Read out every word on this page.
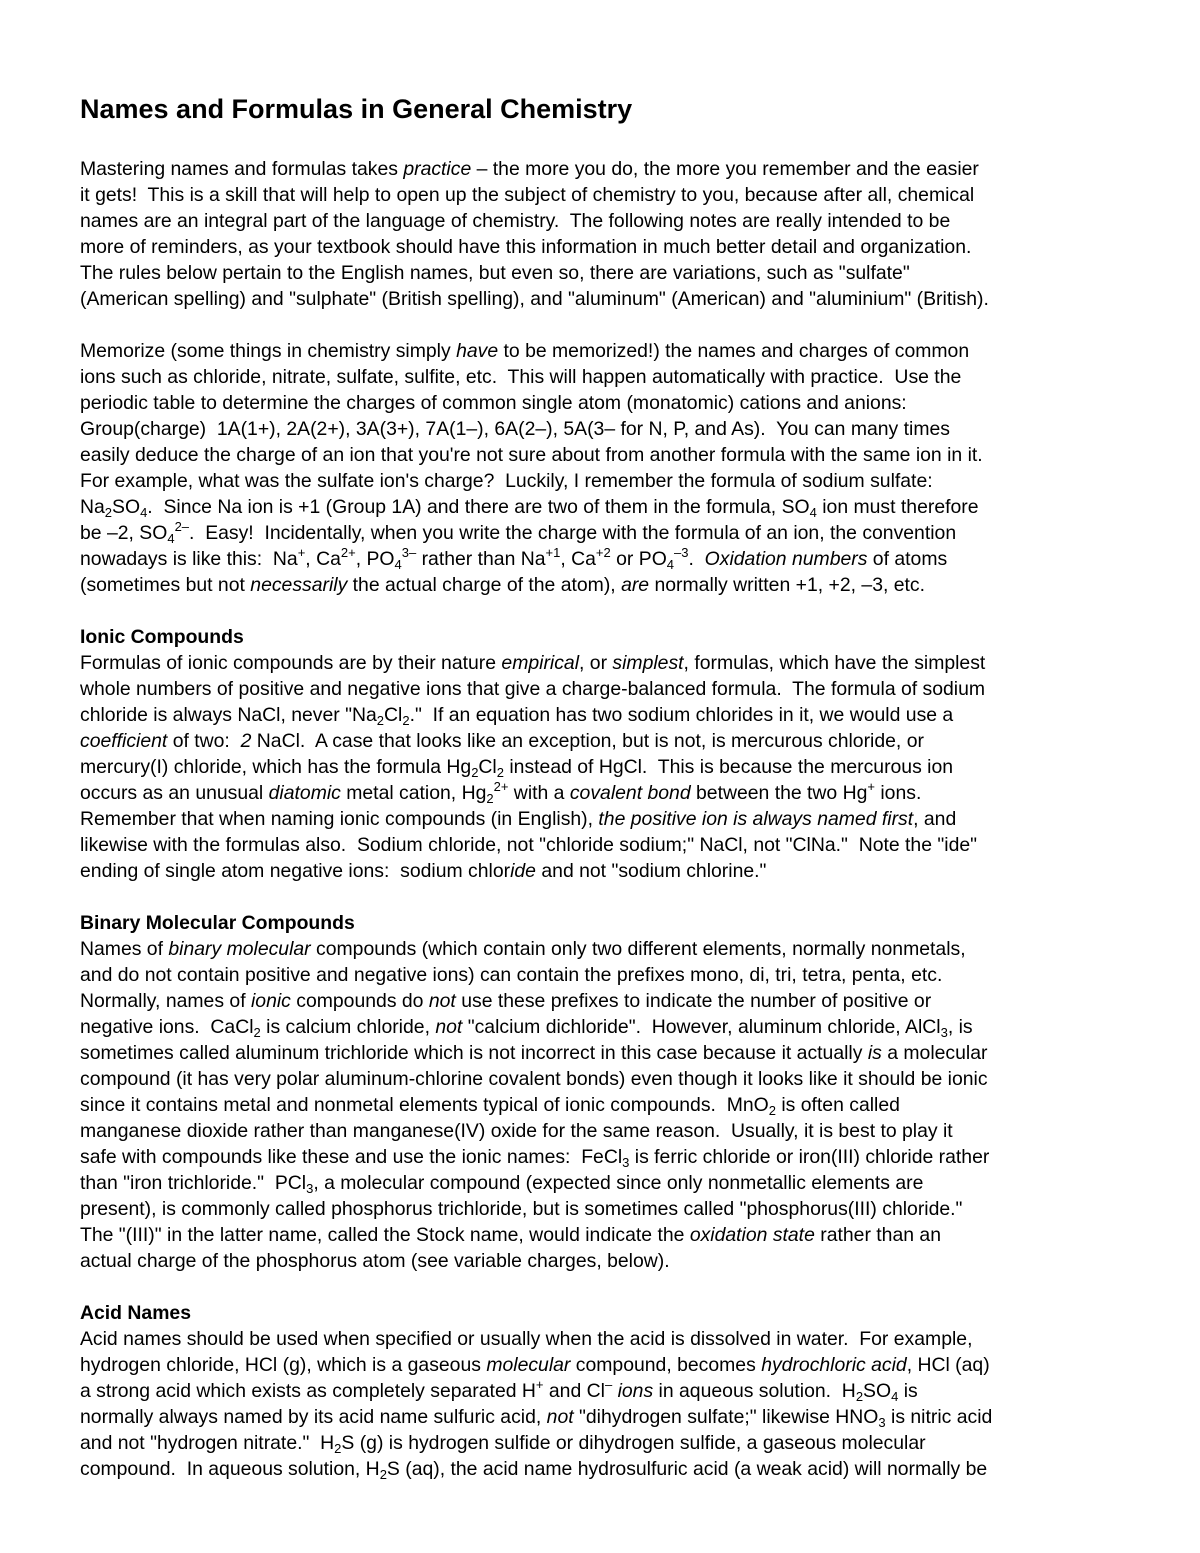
Names and Formulas in General Chemistry
Mastering names and formulas takes practice – the more you do, the more you remember and the easier
it gets!  This is a skill that will help to open up the subject of chemistry to you, because after all, chemical
names are an integral part of the language of chemistry.  The following notes are really intended to be
more of reminders, as your textbook should have this information in much better detail and organization.
The rules below pertain to the English names, but even so, there are variations, such as "sulfate"
(American spelling) and "sulphate" (British spelling), and "aluminum" (American) and "aluminium" (British).
Memorize (some things in chemistry simply have to be memorized!) the names and charges of common
ions such as chloride, nitrate, sulfate, sulfite, etc.  This will happen automatically with practice.  Use the
periodic table to determine the charges of common single atom (monatomic) cations and anions:
Group(charge)  1A(1+), 2A(2+), 3A(3+), 7A(1–), 6A(2–), 5A(3– for N, P, and As).  You can many times
easily deduce the charge of an ion that you're not sure about from another formula with the same ion in it.
For example, what was the sulfate ion's charge?  Luckily, I remember the formula of sodium sulfate:
$Na_2SO_4$.  Since Na ion is +1 (Group 1A) and there are two of them in the formula, $SO_4$ ion must therefore
be –2, $SO_4^{2-}$.  Easy!  Incidentally, when you write the charge with the formula of an ion, the convention
nowadays is like this:  Na+, $Ca^{2+}$, $PO_4^{3-}$ rather than $Na^{+1}$, $Ca^{+2}$ or $PO_4^{-3}$.  Oxidation numbers of atoms
(sometimes but not necessarily the actual charge of the atom), are normally written +1, +2, –3, etc.
Ionic Compounds
Formulas of ionic compounds are by their nature empirical, or simplest, formulas, which have the simplest
whole numbers of positive and negative ions that give a charge-balanced formula.  The formula of sodium
chloride is always NaCl, never "$Na_2Cl_2$."  If an equation has two sodium chlorides in it, we would use a
coefficient of two:  2 NaCl.  A case that looks like an exception, but is not, is mercurous chloride, or
mercury(I) chloride, which has the formula $Hg_2Cl_2$ instead of HgCl.  This is because the mercurous ion
occurs as an unusual diatomic metal cation, $Hg_2^{2+}$ with a covalent bond between the two Hg+ ions.
Remember that when naming ionic compounds (in English), the positive ion is always named first, and
likewise with the formulas also.  Sodium chloride, not "chloride sodium;" NaCl, not "ClNa."  Note the "ide"
ending of single atom negative ions:  sodium chloride and not "sodium chlorine."
Binary Molecular Compounds
Names of binary molecular compounds (which contain only two different elements, normally nonmetals,
and do not contain positive and negative ions) can contain the prefixes mono, di, tri, tetra, penta, etc.
Normally, names of ionic compounds do not use these prefixes to indicate the number of positive or
negative ions.  CaCl$_2$ is calcium chloride, not "calcium dichloride".  However, aluminum chloride, AlCl$_3$, is
sometimes called aluminum trichloride which is not incorrect in this case because it actually is a molecular
compound (it has very polar aluminum-chlorine covalent bonds) even though it looks like it should be ionic
since it contains metal and nonmetal elements typical of ionic compounds.  MnO$_2$ is often called
manganese dioxide rather than manganese(IV) oxide for the same reason.  Usually, it is best to play it
safe with compounds like these and use the ionic names:  FeCl$_3$ is ferric chloride or iron(III) chloride rather
than "iron trichloride."  PCl$_3$, a molecular compound (expected since only nonmetallic elements are
present), is commonly called phosphorus trichloride, but is sometimes called "phosphorus(III) chloride."
The "(III)" in the latter name, called the Stock name, would indicate the oxidation state rather than an
actual charge of the phosphorus atom (see variable charges, below).
Acid Names
Acid names should be used when specified or usually when the acid is dissolved in water.  For example,
hydrogen chloride, HCl (g), which is a gaseous molecular compound, becomes hydrochloric acid, HCl (aq)
a strong acid which exists as completely separated H+ and Cl– ions in aqueous solution.  $H_2SO_4$ is
normally always named by its acid name sulfuric acid, not "dihydrogen sulfate;" likewise $HNO_3$ is nitric acid
and not "hydrogen nitrate."  $H_2S$ (g) is hydrogen sulfide or dihydrogen sulfide, a gaseous molecular
compound.  In aqueous solution, $H_2S$ (aq), the acid name hydrosulfuric acid (a weak acid) will normally be
